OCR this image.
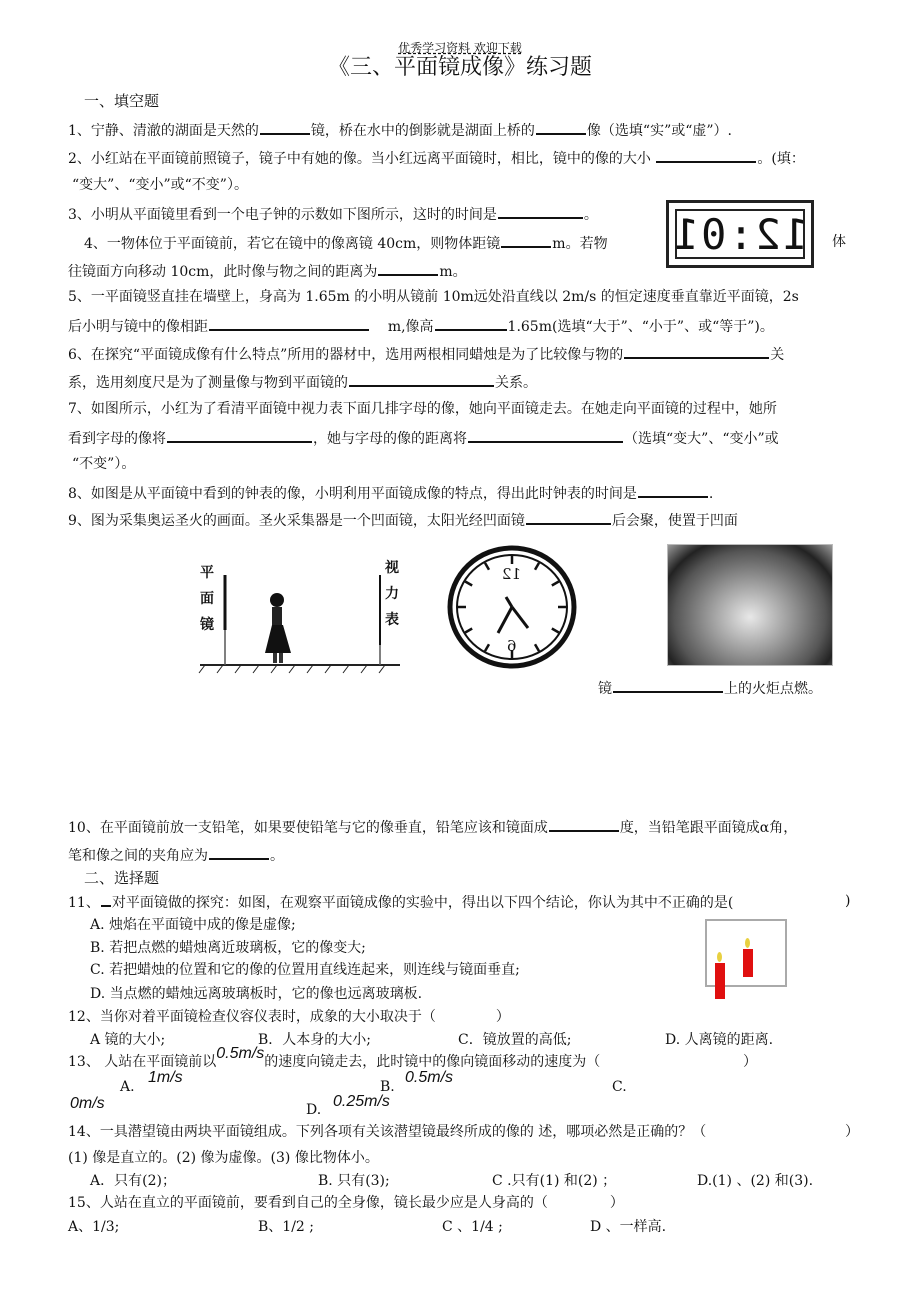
优秀学习资料 欢迎下载
《三、平面镜成像》练习题
一、填空题
1、宁静、清澈的湖面是天然的	镜，桥在水中的倒影就是湖面上桥的	像（选填“实”或“虚”）.
2、小红站在平面镜前照镜子，镜子中有她的像。当小红远离平面镜时，相比，镜中的像的大小	。(填：
“变大”、“变小”或“不变”）。
3、小明从平面镜里看到一个电子钟的示数如下图所示，这时的时间是	。 12:01
4、一物体位于平面镜前，若它在镜中的像离镜 40cm，则物体距镜	m。若物	体
往镜面方向移动 10cm，此时像与物之间的距离为	m。
5、一平面镜竖直挂在墙壁上，身高为 1.65m 的小明从镜前 10m远处沿直线以 2m/s 的恒定速度垂直靠近平面镜，2s
后小明与镜中的像相距	m,像高	1.65m(选填“大于”、“小于”、或“等于”)。
6、在探究“平面镜成像有什么特点”所用的器材中，选用两根相同蜡烛是为了比较像与物的	关
系，选用刻度尺是为了测量像与物到平面镜的	关系。
7、如图所示，小红为了看清平面镜中视力表下面几排字母的像，她向平面镜走去。在她走向平面镜的过程中，她所
看到字母的像将	，她与字母的像的距离将	（选填“变大”、“变小”或
“不变”）。
8、如图是从平面镜中看到的钟表的像，小明利用平面镜成像的特点，得出此时钟表的时间是	.
9、图为采集奥运圣火的画面。圣火采集器是一个凹面镜，太阳光经凹面镜	后会聚，使置于凹面
平面镜
视力表
12
6
镜	上的火炬点燃。
10、在平面镜前放一支铅笔，如果要使铅笔与它的像垂直，铅笔应该和镜面成	度，当铅笔跟平面镜成α角，
笔和像之间的夹角应为	。
二、选择题
11、 对平面镜做的探究：如图，在观察平面镜成像的实验中，得出以下四个结论，你认为其中不正确的是(	)
A. 烛焰在平面镜中成的像是虚像;
B. 若把点燃的蜡烛离近玻璃板，它的像变大;
C. 若把蜡烛的位置和它的像的位置用直线连起来，则连线与镜面垂直;
D. 当点燃的蜡烛远离玻璃板时，它的像也远离玻璃板.
12、当你对着平面镜检查仪容仪表时，成象的大小取决于（	）
A 镜的大小;	B．人本身的大小;	C．镜放置的高低;	D. 人离镜的距离.
13、 人站在平面镜前以0.5m/s的速度向镜走去，此时镜中的像向镜面移动的速度为（	）
A.
1m/s
B.
0.5m/s
C.
0m/s	D. 0.25m/s
14、一具潜望镜由两块平面镜组成。下列各项有关该潜望镜最终所成的像的 述，哪项必然是正确的？（	）
(1) 像是直立的。(2) 像为虚像。(3) 像比物体小。
A．只有(2)；	B. 只有(3);	C .只有(1) 和(2) ；	D.(1) 、(2) 和(3).
15、人站在直立的平面镜前，要看到自己的全身像，镜长最少应是人身高的（	）
A、1/3;	B、1/2 ;	C 、1/4 ;	D 、一样高.
